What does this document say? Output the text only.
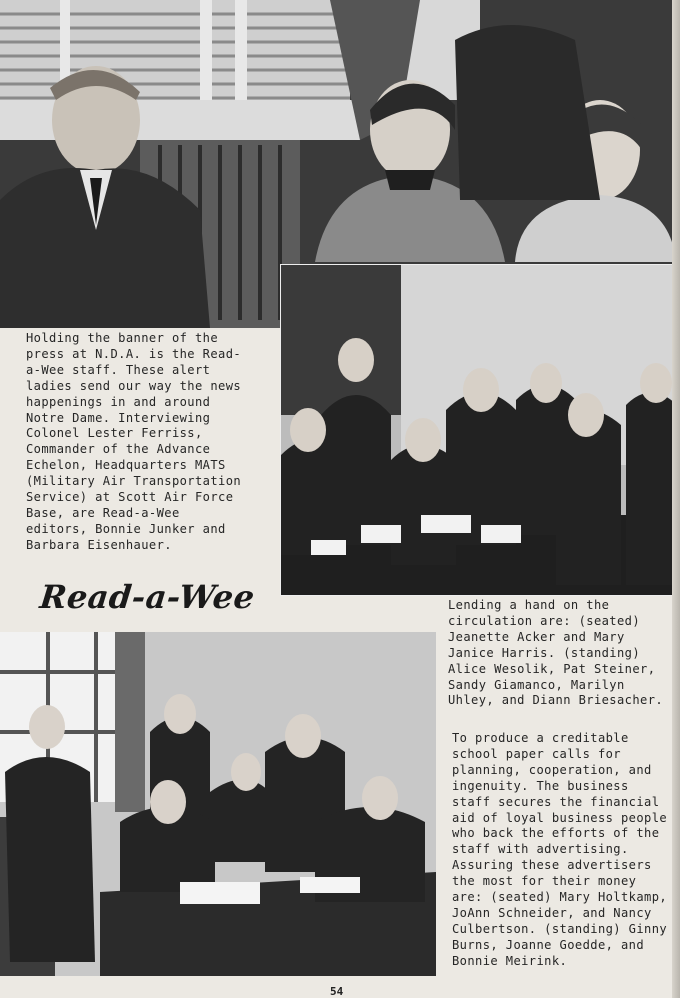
Holding the banner of the
press at N.D.A. is the Read-
a-Wee staff. These alert
ladies send our way the news
happenings in and around
Notre Dame. Interviewing
Colonel Lester Ferriss,
Commander of the Advance
Echelon, Headquarters MATS
(Military Air Transportation
Service) at Scott Air Force
Base, are Read-a-Wee
editors, Bonnie Junker and
Barbara Eisenhauer.

Read-a-Wee	Lending a hand on the
circulation are: (seated)
Jeanette Acker and Mary
Janice Harris. (standing)
Alice Wesolik, Pat Steiner,
Sandy Giamanco, Marilyn
Uhley, and Diann Briesacher.

To produce a creditable
school paper calls for
planning, cooperation, and
ingenuity. The business
staff secures the financial
aid of loyal business people
who back the efforts of the
staff with advertising.
Assuring these advertisers
the most for their money
are: (seated) Mary Holtkamp,
JoAnn Schneider, and Nancy
Culbertson. (standing) Ginny
Burns, Joanne Goedde, and
Bonnie Meirink.

54
